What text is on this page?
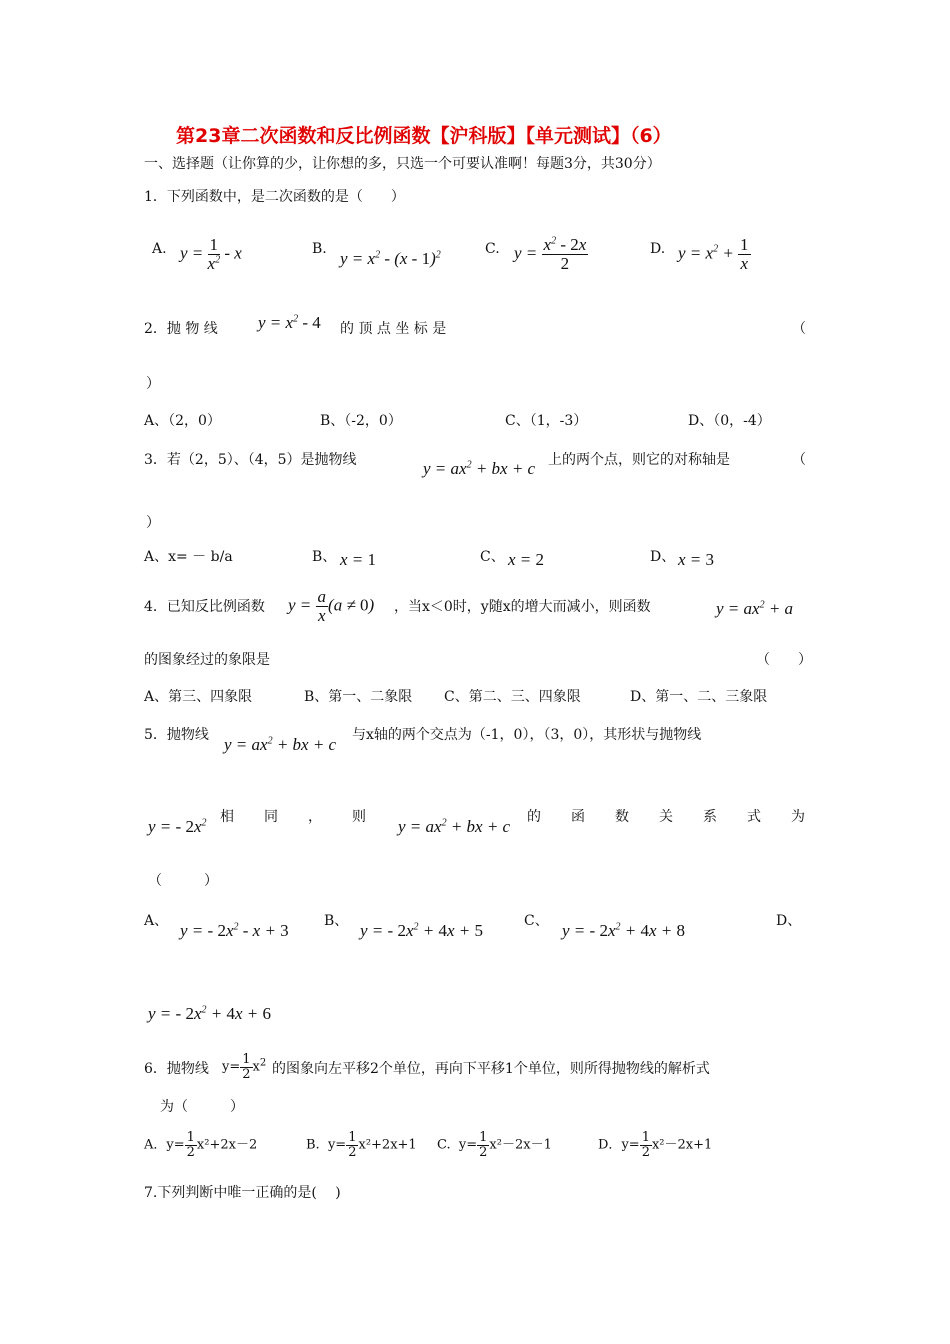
第23章二次函数和反比例函数【沪科版】【单元测试】（6）
一、选择题（让你算的少，让你想的多，只选一个可要认准啊！每题3分，共30分）
1．下列函数中，是二次函数的是（　　）
A. $y = \frac{1}{x^2} - x$	B. $y = x^2 - (x - 1)^2$	C. $y = \frac{x^2 - 2x}{2}$	D. $y = x^2 + \frac{1}{x}$
2．抛 物 线 $y = x^2 - 4$ 的 顶 点 坐 标 是	（
）
A、（2，0）	B、（-2，0）	C、（1，-3）	D、（0，-4）
3．若（2，5）、（4，5）是抛物线	$y = ax^2$ + bx + c 上的两个点，则它的对称轴是	（
）
A、x= － b/a	B、 x = 1	C、 x = 2	D、 x = 3
4．已知反比例函数 $y = \frac{a}{x} (a \ne 0)$ ，当x＜0时，y随x的增大而减小，则函数	$y = ax^2 + a$
的图象经过的象限是	（　　）
A、第三、四象限	B、第一、二象限 C、第二、三、四象限	D、第一、二、三象限
5．抛物线 $y = ax^2$ + bx + c 与x轴的两个交点为（-1，0），（3，0），其形状与抛物线
y = - $2x^2$ 相 同 ， 则 $y = ax^2$ + bx + c 的 函 数 关 系 式 为
（　　　）
A、 y = - $2x^2 - x + 3$	B、 y = - $2x^2 + 4x + 5$	C、 y = - $2x^2 + 4x + 8$	D、
y = - $2x^2 + 4x + 6$
6．抛物线 $y= \frac{1}{2} x^2$ 的图象向左平移2个单位，再向下平移1个单位，则所得抛物线的解析式
为（　　　）
A．$y= \frac{1}{2} x^2+2x-2$	B.  $y= \frac{1}{2} x^2+2x+1$ C.  $y= \frac{1}{2} x^2-2x-1$	D．$y= \frac{1}{2} x^2-2x+1$
7.下列判断中唯一正确的是(　 )
